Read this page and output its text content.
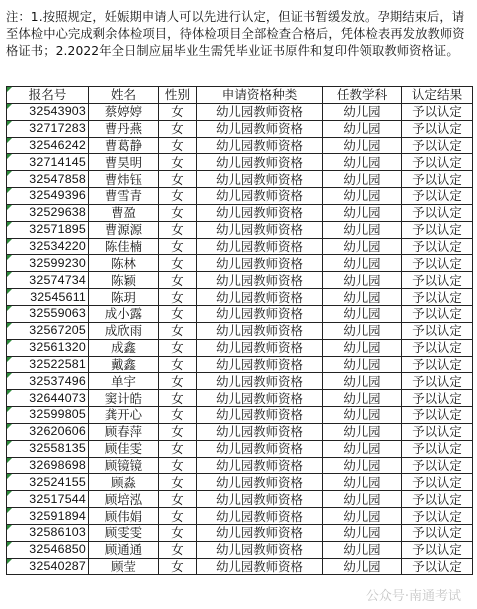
注：1.按照规定，妊娠期申请人可以先进行认定，但证书暂缓发放。孕期结束后，请至体检中心完成剩余体检项目，待体检项目全部检查合格后，凭体检表再发放教师资格证书；2.2022年全日制应届毕业生需凭毕业证书原件和复印件领取教师资格证。

报名号	姓名	性别	申请资格种类	任教学科	认定结果
32543903	蔡婷婷	女	幼儿园教师资格	幼儿园	予以认定
32717283	曹丹燕	女	幼儿园教师资格	幼儿园	予以认定
32546242	曹葛静	女	幼儿园教师资格	幼儿园	予以认定
32714145	曹昊明	女	幼儿园教师资格	幼儿园	予以认定
32547858	曹炜钰	女	幼儿园教师资格	幼儿园	予以认定
32549396	曹雪青	女	幼儿园教师资格	幼儿园	予以认定
32529638	曹盈	女	幼儿园教师资格	幼儿园	予以认定
32571895	曹源源	女	幼儿园教师资格	幼儿园	予以认定
32534220	陈佳楠	女	幼儿园教师资格	幼儿园	予以认定
32599230	陈林	女	幼儿园教师资格	幼儿园	予以认定
32574734	陈颖	女	幼儿园教师资格	幼儿园	予以认定
32545611	陈玥	女	幼儿园教师资格	幼儿园	予以认定
32559063	成小露	女	幼儿园教师资格	幼儿园	予以认定
32567205	成欣雨	女	幼儿园教师资格	幼儿园	予以认定
32561320	成鑫	女	幼儿园教师资格	幼儿园	予以认定
32522581	戴鑫	女	幼儿园教师资格	幼儿园	予以认定
32537496	单宇	女	幼儿园教师资格	幼儿园	予以认定
32644073	窦计皓	女	幼儿园教师资格	幼儿园	予以认定
32599805	龚开心	女	幼儿园教师资格	幼儿园	予以认定
32620606	顾春萍	女	幼儿园教师资格	幼儿园	予以认定
32558135	顾佳雯	女	幼儿园教师资格	幼儿园	予以认定
32698698	顾镜镜	女	幼儿园教师资格	幼儿园	予以认定
32524155	顾淼	女	幼儿园教师资格	幼儿园	予以认定
32517544	顾培泓	女	幼儿园教师资格	幼儿园	予以认定
32591894	顾伟娟	女	幼儿园教师资格	幼儿园	予以认定
32586103	顾雯雯	女	幼儿园教师资格	幼儿园	予以认定
32546850	顾通通	女	幼儿园教师资格	幼儿园	予以认定
32540287	顾莹	女	幼儿园教师资格	幼儿园	予以认定
公众号·南通考试
